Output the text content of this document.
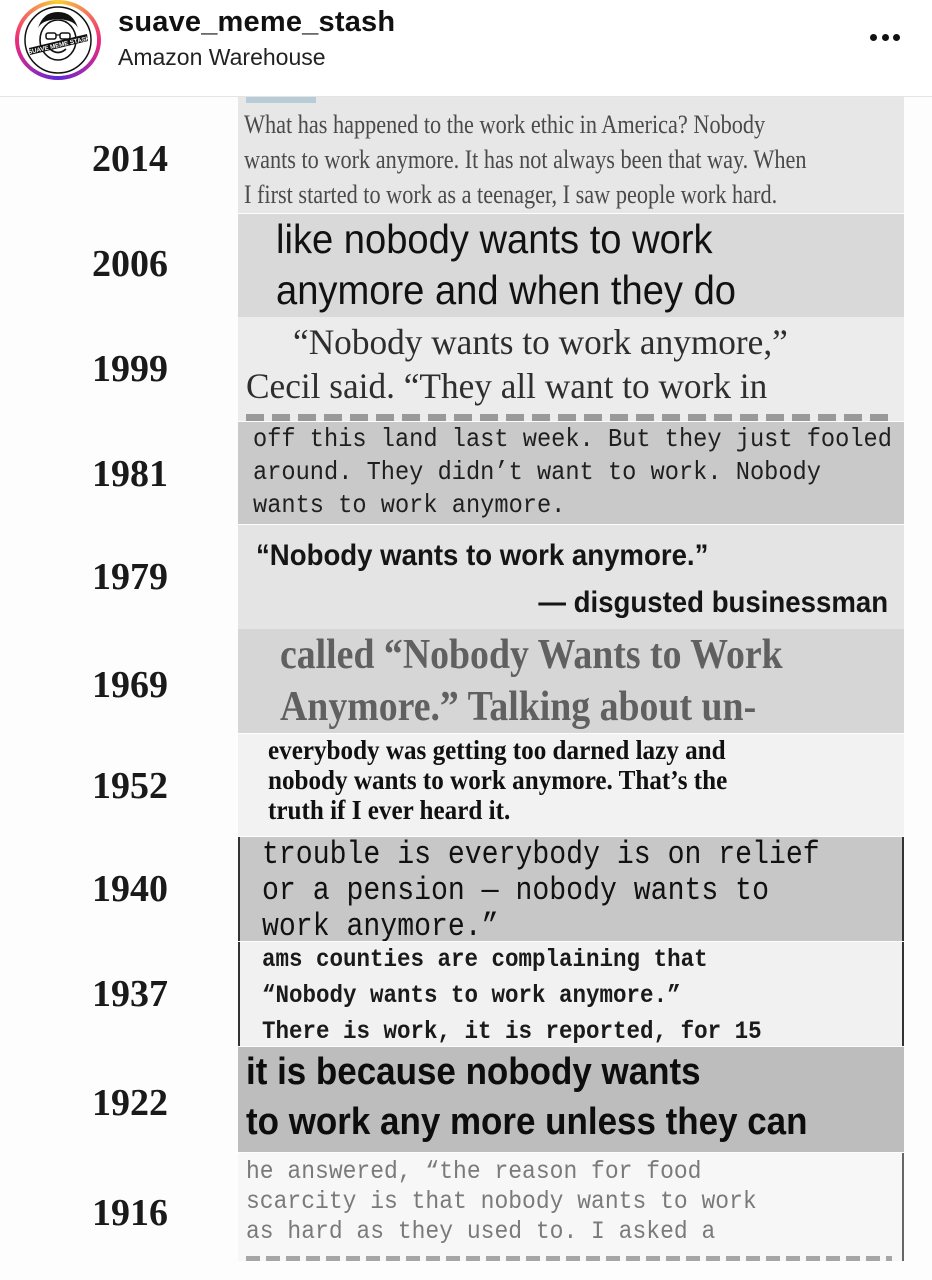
SUAVE MEME STASH
suave_meme_stash
Amazon Warehouse
What has happened to the work ethic in America? Nobody
wants to work anymore. It has not always been that way. When
I first started to work as a teenager, I saw people work hard.
2014
like nobody wants to work
anymore and when they do
2006
“Nobody wants to work anymore,”
Cecil said. “They all want to work in
1999
off this land last week. But they just fooled
around. They didn’t want to work. Nobody
wants to work anymore.
1981
“Nobody wants to work anymore.”
— disgusted businessman
1979
called “Nobody Wants to Work
Anymore.” Talking about un-
1969
everybody was getting too darned lazy and
nobody wants to work anymore. That’s the
truth if I ever heard it.
1952
trouble is everybody is on relief
or a pension — nobody wants to
work anymore.”
1940
ams counties are complaining that
“Nobody wants to work anymore.”
There is work, it is reported, for 15
1937
it is because nobody wants
to work any more unless they can
1922
he answered, “the reason for food
scarcity is that nobody wants to work
as hard as they used to. I asked a
1916
